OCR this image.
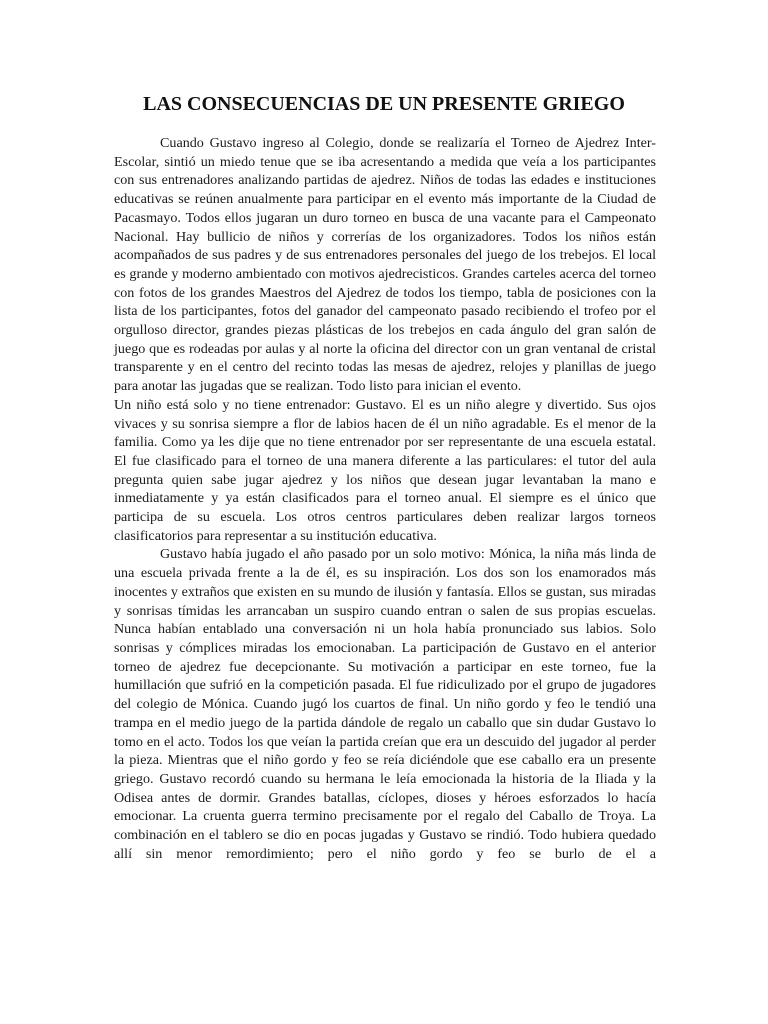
LAS CONSECUENCIAS DE UN PRESENTE GRIEGO

Cuando Gustavo ingreso al Colegio, donde se realizaría el Torneo de Ajedrez Inter-Escolar, sintió un miedo tenue que se iba acresentando a medida que veía a los participantes con sus entrenadores analizando partidas de ajedrez. Niños de todas las edades e instituciones educativas se reúnen anualmente para participar en el evento más importante de la Ciudad de Pacasmayo. Todos ellos jugaran un duro torneo en busca de una vacante para el Campeonato Nacional. Hay bullicio de niños y correrías de los organizadores. Todos los niños están acompañados de sus padres y de sus entrenadores personales del juego de los trebejos. El local es grande y moderno ambientado con motivos ajedrecisticos. Grandes carteles acerca del torneo con fotos de los grandes Maestros del Ajedrez de todos los tiempo, tabla de posiciones con la lista de los participantes, fotos del ganador del campeonato pasado recibiendo el trofeo por el orgulloso director, grandes piezas plásticas de los trebejos en cada ángulo del gran salón de juego que es rodeadas por aulas y al norte la oficina del director con un gran ventanal de cristal transparente y en el centro del recinto todas las mesas de ajedrez, relojes y planillas de juego para anotar las jugadas que se realizan. Todo listo para inician el evento.

Un niño está solo y no tiene entrenador: Gustavo. El es un niño alegre y divertido. Sus ojos vivaces y su sonrisa siempre a flor de labios hacen de él un niño agradable. Es el menor de la familia. Como ya les dije que no tiene entrenador por ser representante de una escuela estatal. El fue clasificado para el torneo de una manera diferente a las particulares: el tutor del aula pregunta quien sabe jugar ajedrez y los niños que desean jugar levantaban la mano e inmediatamente y ya están clasificados para el torneo anual. El siempre es el único que participa de su escuela. Los otros centros particulares deben realizar largos torneos clasificatorios para representar a su institución educativa.

Gustavo había jugado el año pasado por un solo motivo: Mónica, la niña más linda de una escuela privada frente a la de él, es su inspiración. Los dos son los enamorados más inocentes y extraños que existen en su mundo de ilusión y fantasía. Ellos se gustan, sus miradas y sonrisas tímidas les arrancaban un suspiro cuando entran o salen de sus propias escuelas. Nunca habían entablado una conversación ni un hola había pronunciado sus labios. Solo sonrisas y cómplices miradas los emocionaban. La participación de Gustavo en el anterior torneo de ajedrez fue decepcionante. Su motivación a participar en este torneo, fue la humillación que sufrió en la competición pasada. El fue ridiculizado por el grupo de jugadores del colegio de Mónica. Cuando jugó los cuartos de final. Un niño gordo y feo le tendió una trampa en el medio juego de la partida dándole de regalo un caballo que sin dudar Gustavo lo tomo en el acto. Todos los que veían la partida creían que era un descuido del jugador al perder la pieza. Mientras que el niño gordo y feo se reía diciéndole que ese caballo era un presente griego. Gustavo recordó cuando su hermana le leía emocionada la historia de la Iliada y la Odisea antes de dormir. Grandes batallas, cíclopes, dioses y héroes esforzados lo hacía emocionar. La cruenta guerra termino precisamente por el regalo del Caballo de Troya. La combinación en el tablero se dio en pocas jugadas y Gustavo se rindió. Todo hubiera quedado allí sin menor remordimiento; pero el niño gordo y feo se burlo de el a
